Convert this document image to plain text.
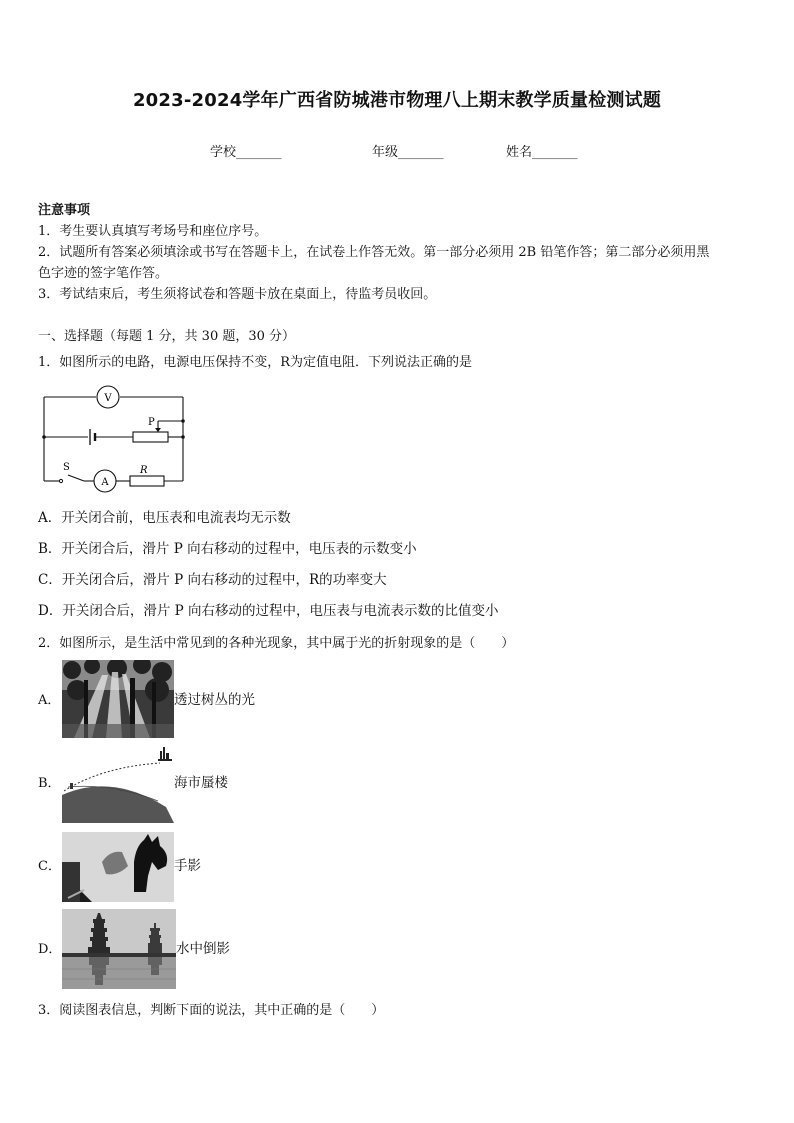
2023-2024学年广西省防城港市物理八上期末教学质量检测试题
学校_______	年级_______	姓名_______
注意事项
1．考生要认真填写考场号和座位序号。
2．试题所有答案必须填涂或书写在答题卡上，在试卷上作答无效。第一部分必须用 2B 铅笔作答；第二部分必须用黑
色字迹的签字笔作答。
3．考试结束后，考生须将试卷和答题卡放在桌面上，待监考员收回。
一、选择题（每题 1 分，共 30 题，30 分）
1．如图所示的电路，电源电压保持不变，R为定值电阻．下列说法正确的是
V
A
P
S	R
A．开关闭合前，电压表和电流表均无示数
B．开关闭合后，滑片 P 向右移动的过程中，电压表的示数变小
C．开关闭合后，滑片 P 向右移动的过程中，R的功率变大
D．开关闭合后，滑片 P 向右移动的过程中，电压表与电流表示数的比值变小
2．如图所示，是生活中常见到的各种光现象，其中属于光的折射现象的是（　　）
A．	透过树丛的光
B．	海市蜃楼
C．	手影
D．	水中倒影
3．阅读图表信息，判断下面的说法，其中正确的是（　　）
